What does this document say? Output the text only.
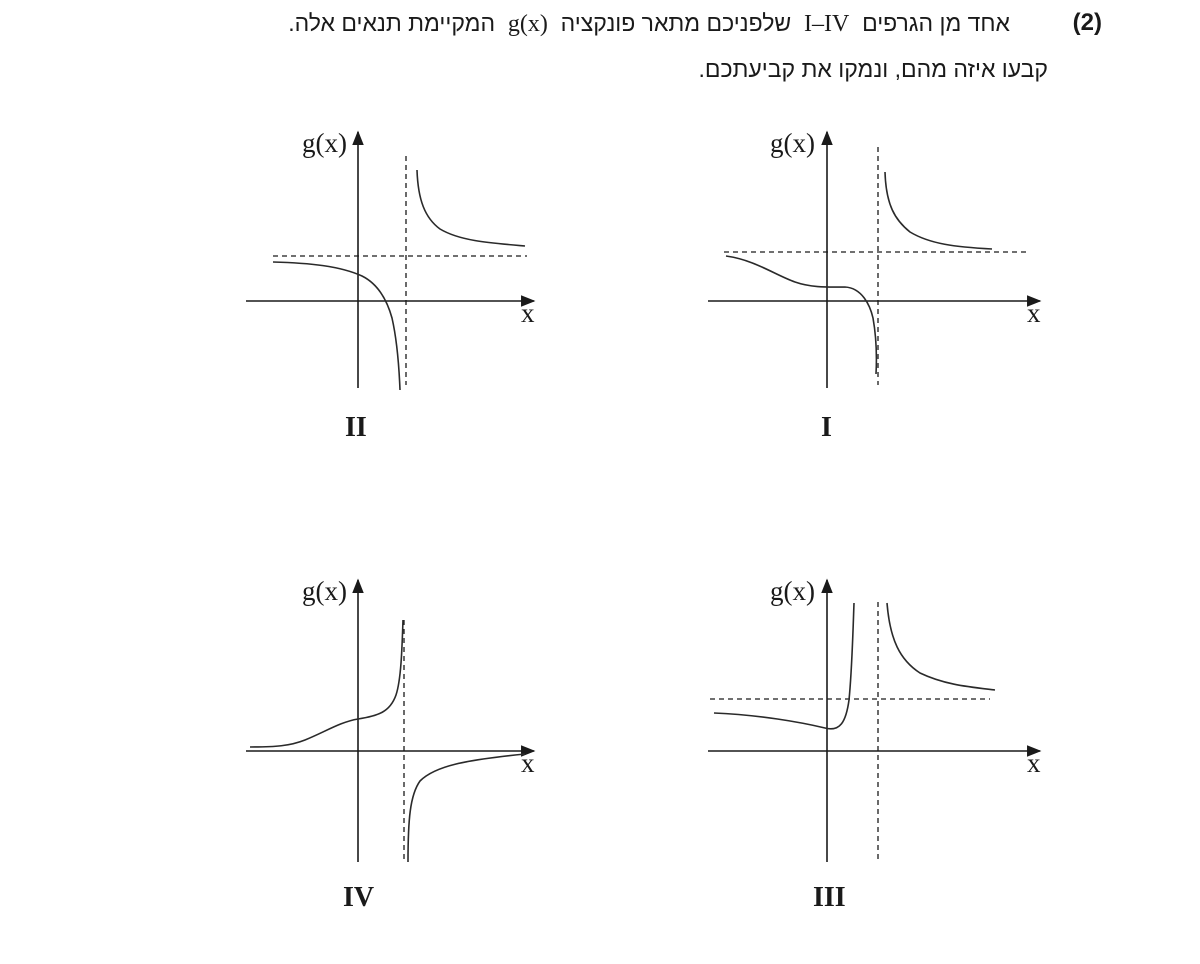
(2)
אחד מן הגרפים  I–IV  שלפניכם מתאר פונקציה  g(x)  המקיימת תנאים אלה.
קבעו איזה מהם, ונמקו את קביעתכם.
g(x)
x
I
g(x)
x
II
g(x)
x
III
g(x)
x
IV
